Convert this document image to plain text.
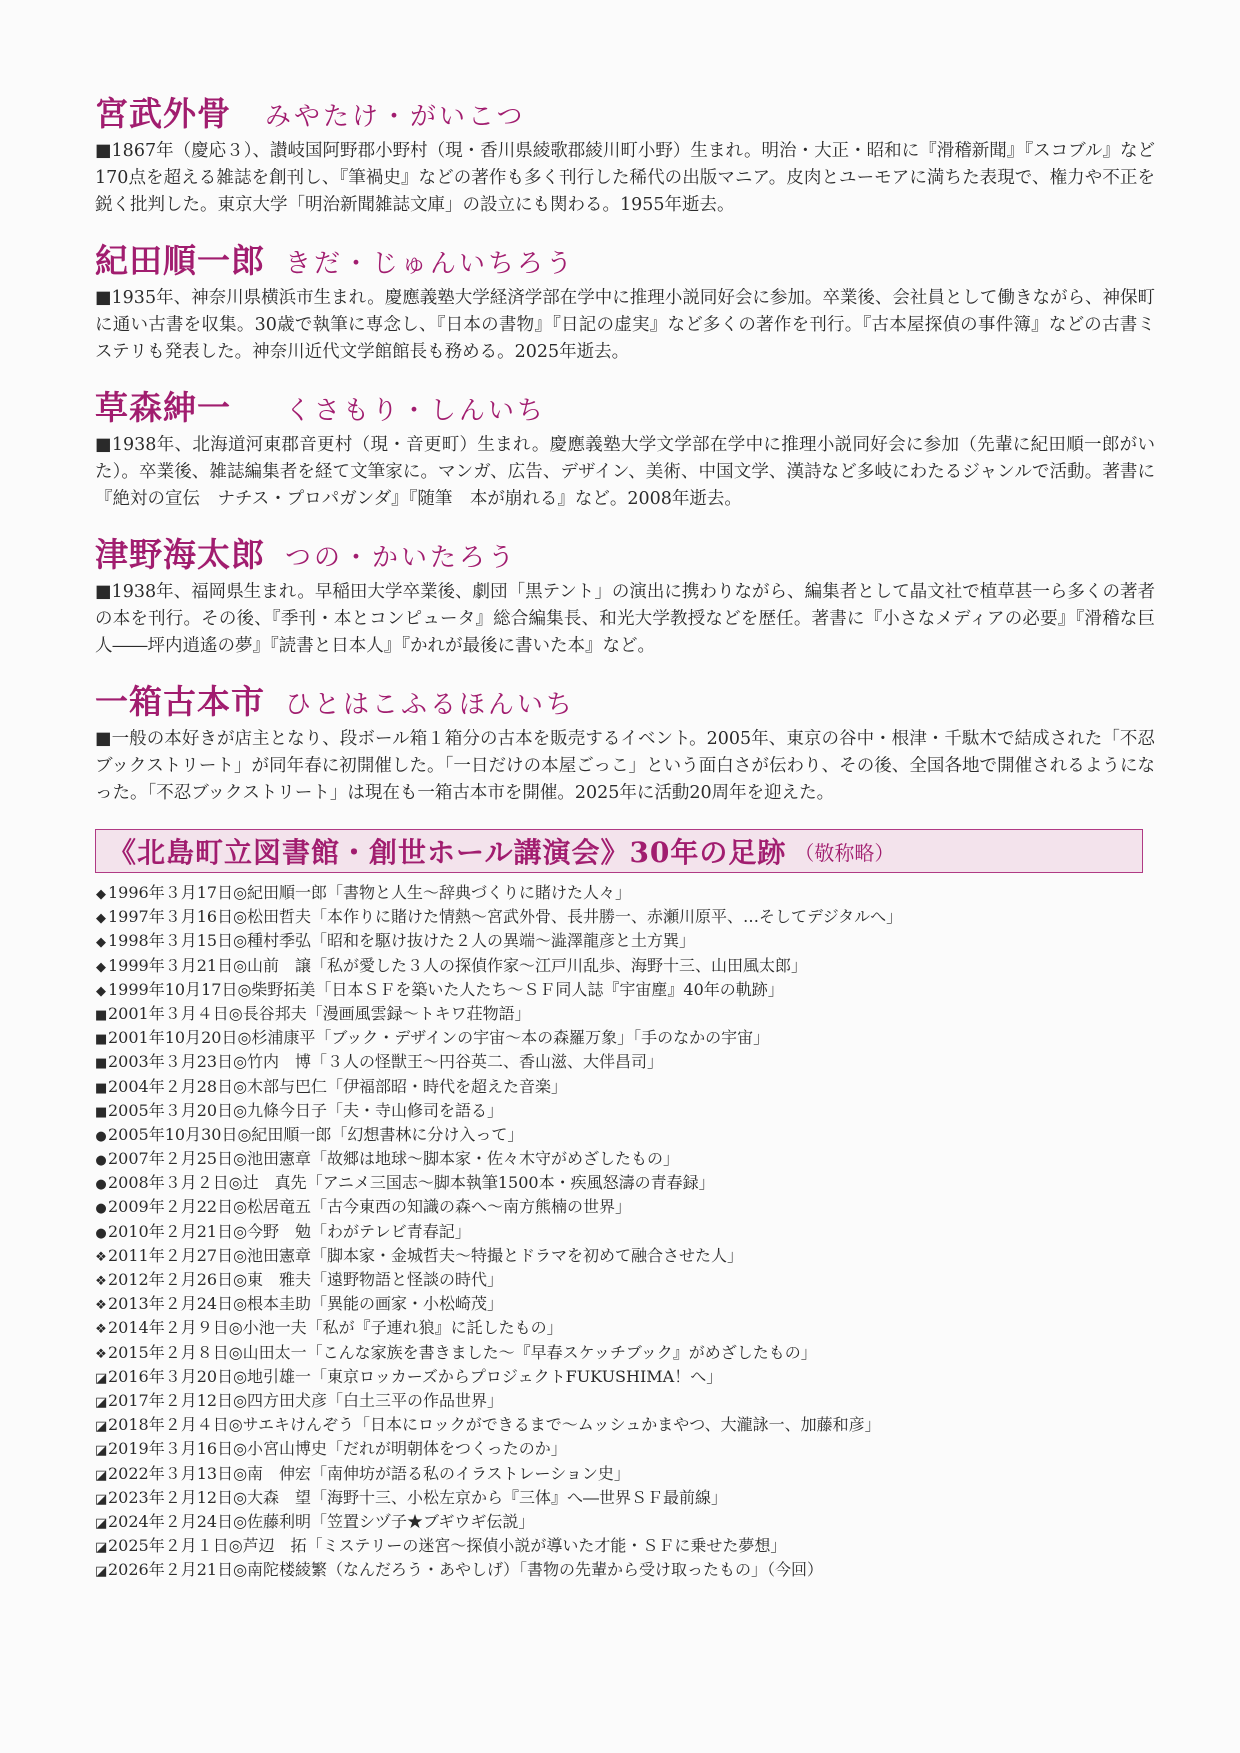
宮武外骨	みやたけ・がいこつ

■1867年（慶応３）、讃岐国阿野郡小野村（現・香川県綾歌郡綾川町小野）生まれ。明治・大正・昭和に『滑稽新聞』『スコブル』など170点を超える雑誌を創刊し、『筆禍史』などの著作も多く刊行した稀代の出版マニア。皮肉とユーモアに満ちた表現で、権力や不正を鋭く批判した。東京大学「明治新聞雑誌文庫」の設立にも関わる。1955年逝去。

紀田順一郎 きだ・じゅんいちろう

■1935年、神奈川県横浜市生まれ。慶應義塾大学経済学部在学中に推理小説同好会に参加。卒業後、会社員として働きながら、神保町に通い古書を収集。30歳で執筆に専念し、『日本の書物』『日記の虚実』など多くの著作を刊行。『古本屋探偵の事件簿』などの古書ミステリも発表した。神奈川近代文学館館長も務める。2025年逝去。

草森紳一	くさもり・しんいち

■1938年、北海道河東郡音更村（現・音更町）生まれ。慶應義塾大学文学部在学中に推理小説同好会に参加（先輩に紀田順一郎がいた）。卒業後、雑誌編集者を経て文筆家に。マンガ、広告、デザイン、美術、中国文学、漢詩など多岐にわたるジャンルで活動。著書に『絶対の宣伝　ナチス・プロパガンダ』『随筆　本が崩れる』など。2008年逝去。

津野海太郎 つの・かいたろう

■1938年、福岡県生まれ。早稲田大学卒業後、劇団「黒テント」の演出に携わりながら、編集者として晶文社で植草甚一ら多くの著者の本を刊行。その後、『季刊・本とコンピュータ』総合編集長、和光大学教授などを歴任。著書に『小さなメディアの必要』『滑稽な巨人――坪内逍遙の夢』『読書と日本人』『かれが最後に書いた本』など。

一箱古本市 ひとはこふるほんいち

■一般の本好きが店主となり、段ボール箱１箱分の古本を販売するイベント。2005年、東京の谷中・根津・千駄木で結成された「不忍ブックストリート」が同年春に初開催した。「一日だけの本屋ごっこ」という面白さが伝わり、その後、全国各地で開催されるようになった。「不忍ブックストリート」は現在も一箱古本市を開催。2025年に活動20周年を迎えた。

《北島町立図書館・創世ホール講演会》30年の足跡 （敬称略）
◆ 1996年３月17日◎紀田順一郎「書物と人生～辞典づくりに賭けた人々」
◆ 1997年３月16日◎松田哲夫「本作りに賭けた情熱～宮武外骨、長井勝一、赤瀬川原平、…そしてデジタルへ」
◆ 1998年３月15日◎種村季弘「昭和を駆け抜けた２人の異端～澁澤龍彦と土方巽」
◆ 1999年３月21日◎山前　譲「私が愛した３人の探偵作家～江戸川乱歩、海野十三、山田風太郎」
◆ 1999年10月17日◎柴野拓美「日本ＳＦを築いた人たち～ＳＦ同人誌『宇宙塵』40年の軌跡」
■2001年３月４日◎長谷邦夫「漫画風雲録～トキワ荘物語」
■2001年10月20日◎杉浦康平「ブック・デザインの宇宙～本の森羅万象」「手のなかの宇宙」
■2003年３月23日◎竹内　博「３人の怪獣王～円谷英二、香山滋、大伴昌司」
■2004年２月28日◎木部与巴仁「伊福部昭・時代を超えた音楽」
■2005年３月20日◎九條今日子「夫・寺山修司を語る」
●2005年10月30日◎紀田順一郎「幻想書林に分け入って」
●2007年２月25日◎池田憲章「故郷は地球～脚本家・佐々木守がめざしたもの」
●2008年３月２日◎辻　真先「アニメ三国志～脚本執筆1500本・疾風怒濤の青春録」
●2009年２月22日◎松居竜五「古今東西の知識の森へ～南方熊楠の世界」
●2010年２月21日◎今野　勉「わがテレビ青春記」
❖2011年２月27日◎池田憲章「脚本家・金城哲夫～特撮とドラマを初めて融合させた人」
❖2012年２月26日◎東　雅夫「遠野物語と怪談の時代」
❖2013年２月24日◎根本圭助「異能の画家・小松崎茂」
❖2014年２月９日◎小池一夫「私が『子連れ狼』に託したもの」
❖2015年２月８日◎山田太一「こんな家族を書きました～『早春スケッチブック』がめざしたもの」
◪2016年３月20日◎地引雄一「東京ロッカーズからプロジェクトFUKUSHIMA！へ」
◪2017年２月12日◎四方田犬彦「白土三平の作品世界」
◪2018年２月４日◎サエキけんぞう「日本にロックができるまで～ムッシュかまやつ、大瀧詠一、加藤和彦」
◪2019年３月16日◎小宮山博史「だれが明朝体をつくったのか」
◪2022年３月13日◎南　伸宏「南伸坊が語る私のイラストレーション史」
◪2023年２月12日◎大森　望「海野十三、小松左京から『三体』へ―世界ＳＦ最前線」
◪2024年２月24日◎佐藤利明「笠置シヅ子★ブギウギ伝説」
◪2025年２月１日◎芦辺　拓「ミステリーの迷宮～探偵小説が導いた才能・ＳＦに乗せた夢想」
◪2026年２月21日◎南陀楼綾繁（なんだろう・あやしげ）「書物の先輩から受け取ったもの」（今回）
